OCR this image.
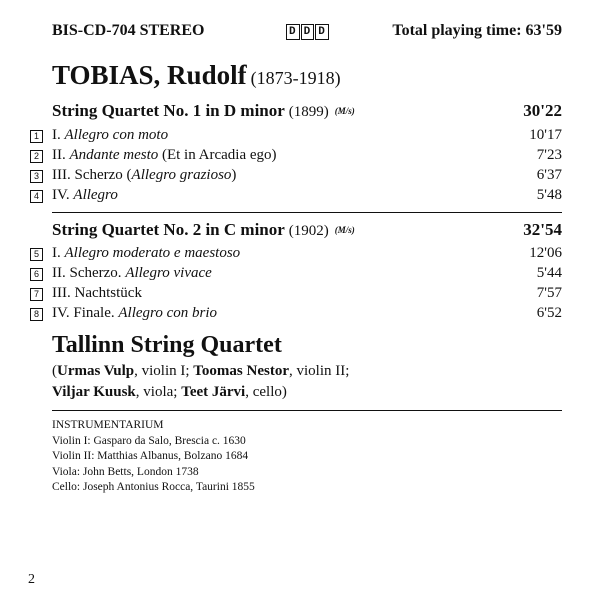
BIS-CD-704 STEREO	D D D	Total playing time: 63'59
TOBIAS, Rudolf (1873-1918)
String Quartet No. 1 in D minor (1899) (M/s)	30'22
1 I. Allegro con moto	10'17
2 II. Andante mesto (Et in Arcadia ego)	7'23
3 III. Scherzo (Allegro grazioso)	6'37
4 IV. Allegro	5'48
String Quartet No. 2 in C minor (1902) (M/s)	32'54
5 I. Allegro moderato e maestoso	12'06
6 II. Scherzo. Allegro vivace	5'44
7 III. Nachtstück	7'57
8 IV. Finale. Allegro con brio	6'52
Tallinn String Quartet
(Urmas Vulp, violin I; Toomas Nestor, violin II;
Viljar Kuusk, viola; Teet Järvi, cello)
INSTRUMENTARIUM
Violin I: Gasparo da Salo, Brescia c. 1630
Violin II: Matthias Albanus, Bolzano 1684
Viola: John Betts, London 1738
Cello: Joseph Antonius Rocca, Taurini 1855
2
